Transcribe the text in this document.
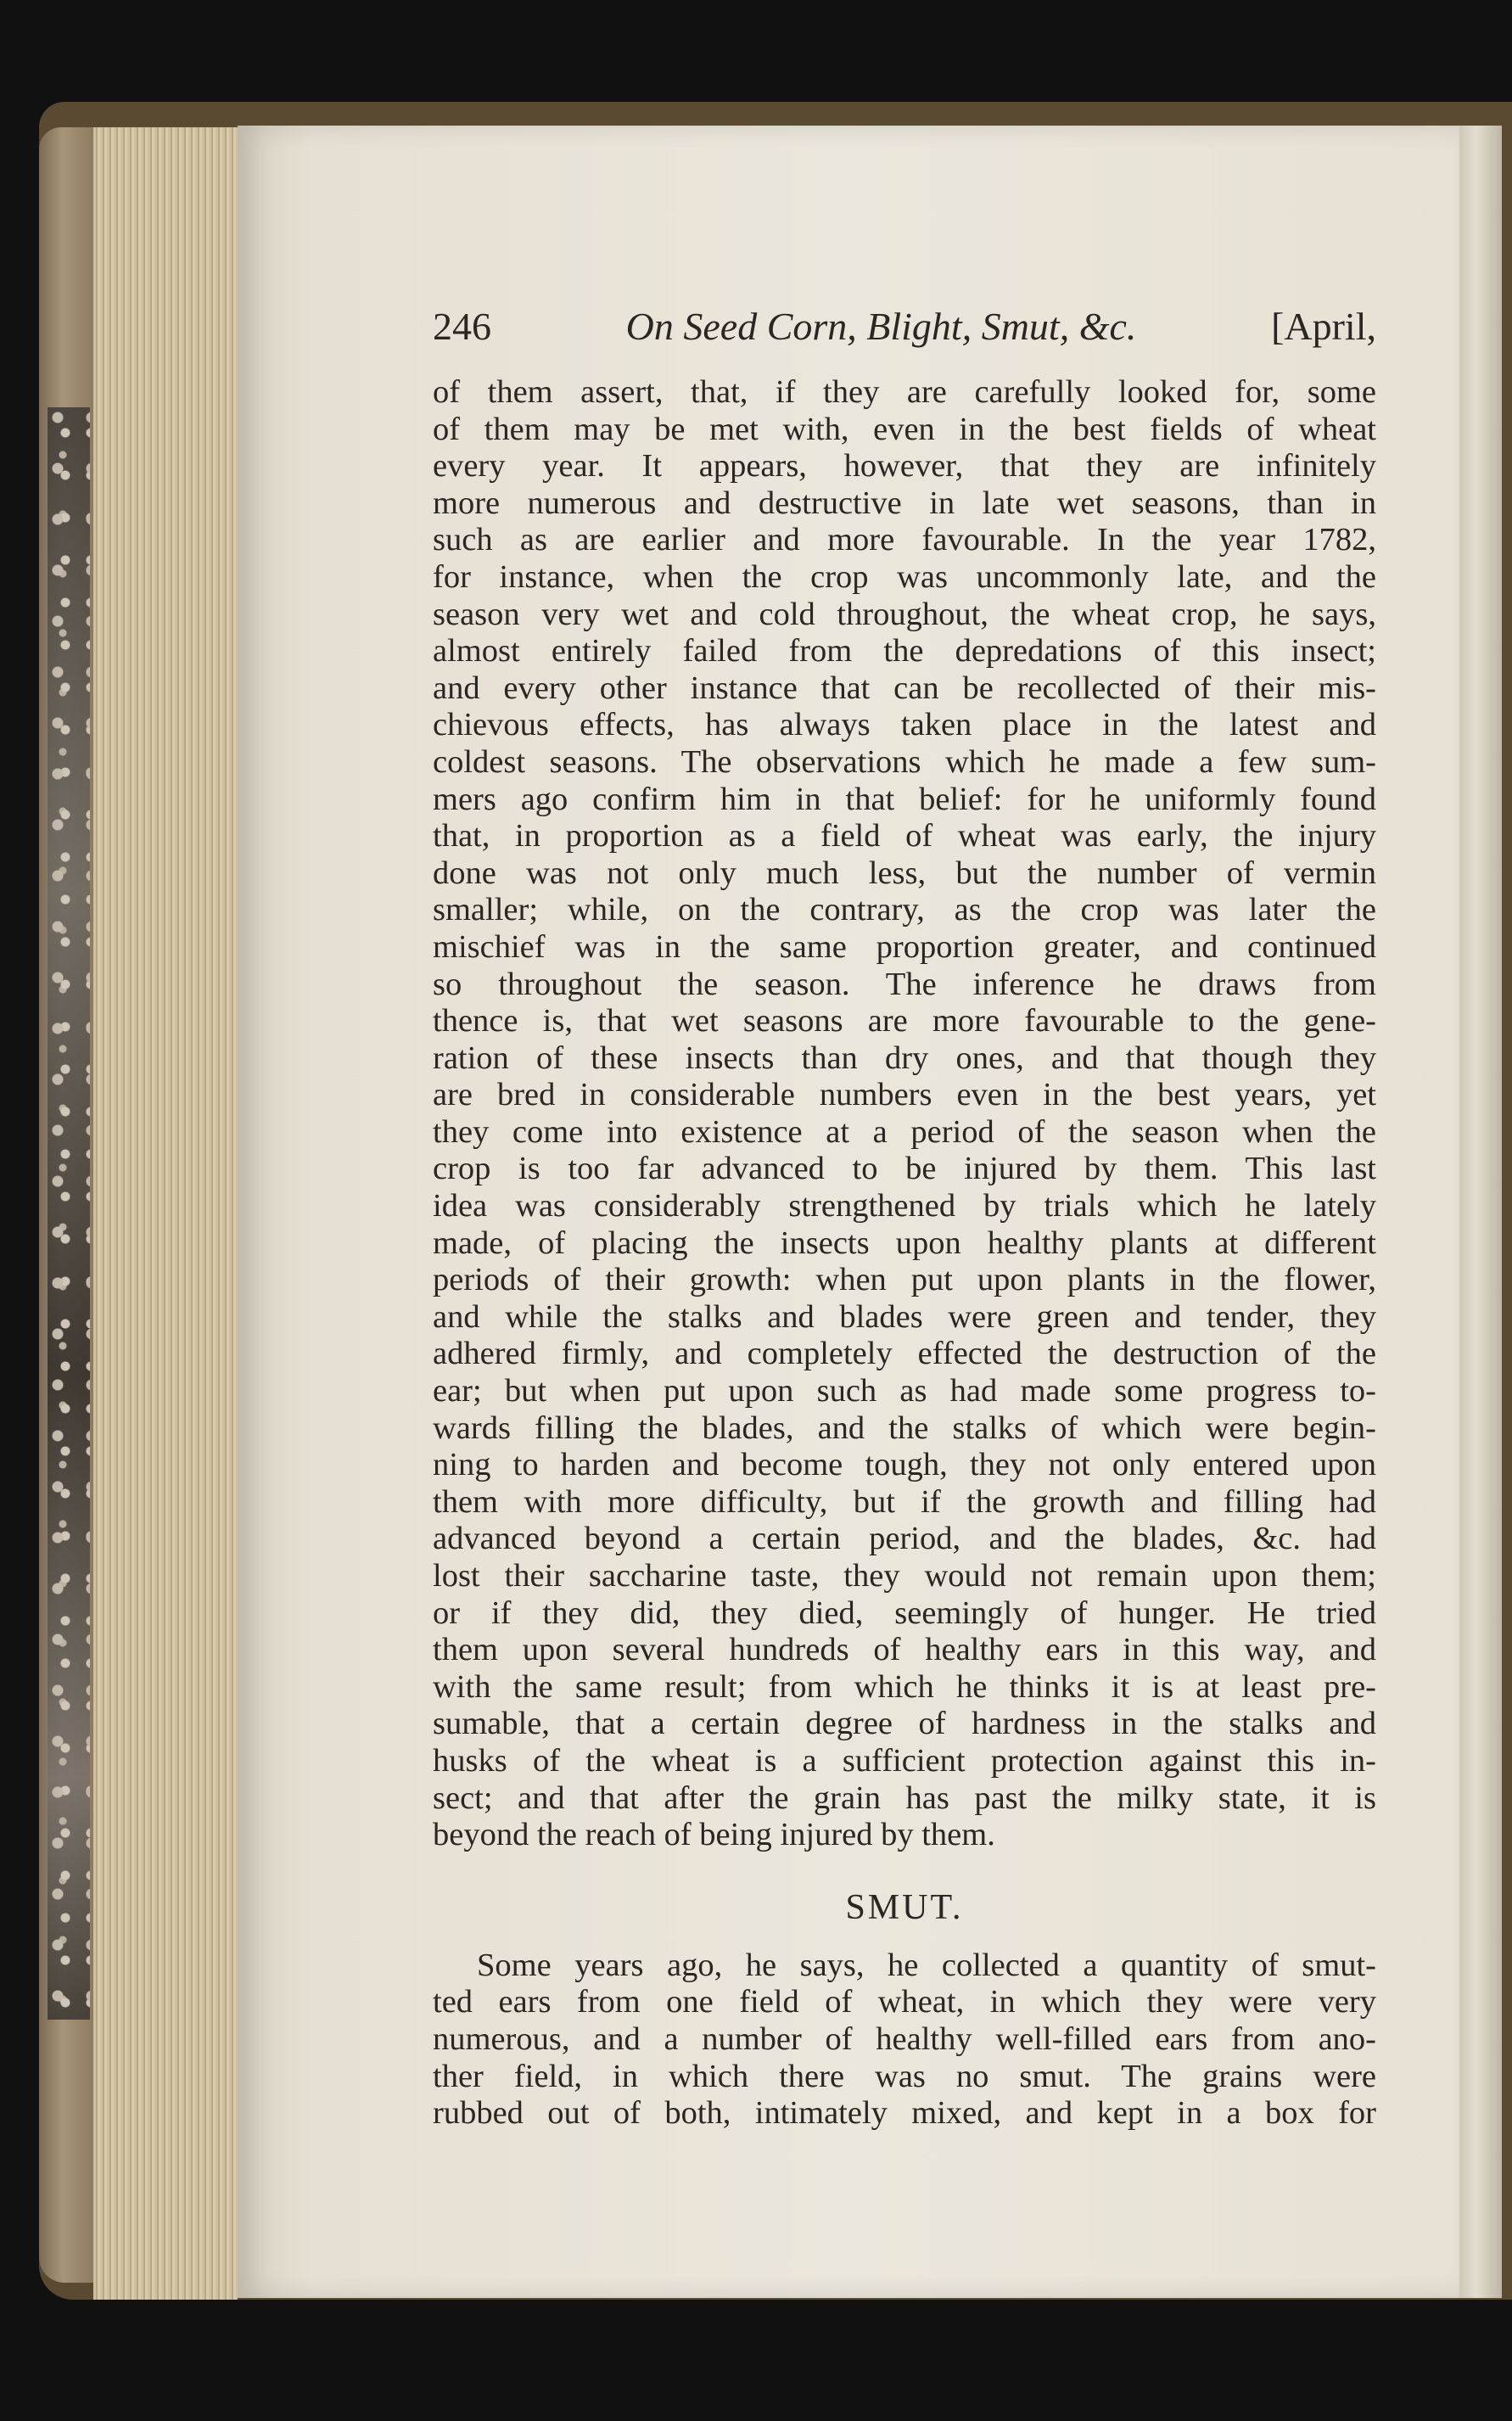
246	On Seed Corn, Blight, Smut, &c.	[April,

of them assert, that, if they are carefully looked for, some

of them may be met with, even in the best fields of wheat

every year. It appears, however, that they are infinitely

more numerous and destructive in late wet seasons, than in

such as are earlier and more favourable. In the year 1782,

for instance, when the crop was uncommonly late, and the

season very wet and cold throughout, the wheat crop, he says,

almost entirely failed from the depredations of this insect;

and every other instance that can be recollected of their mis-

chievous effects, has always taken place in the latest and

coldest seasons. The observations which he made a few sum-

mers ago confirm him in that belief: for he uniformly found

that, in proportion as a field of wheat was early, the injury

done was not only much less, but the number of vermin

smaller; while, on the contrary, as the crop was later the

mischief was in the same proportion greater, and continued

so throughout the season. The inference he draws from

thence is, that wet seasons are more favourable to the gene-

ration of these insects than dry ones, and that though they

are bred in considerable numbers even in the best years, yet

they come into existence at a period of the season when the

crop is too far advanced to be injured by them. This last

idea was considerably strengthened by trials which he lately

made, of placing the insects upon healthy plants at different

periods of their growth: when put upon plants in the flower,

and while the stalks and blades were green and tender, they

adhered firmly, and completely effected the destruction of the

ear; but when put upon such as had made some progress to-

wards filling the blades, and the stalks of which were begin-

ning to harden and become tough, they not only entered upon

them with more difficulty, but if the growth and filling had

advanced beyond a certain period, and the blades, &c. had

lost their saccharine taste, they would not remain upon them;

or if they did, they died, seemingly of hunger. He tried

them upon several hundreds of healthy ears in this way, and

with the same result; from which he thinks it is at least pre-

sumable, that a certain degree of hardness in the stalks and

husks of the wheat is a sufficient protection against this in-

sect; and that after the grain has past the milky state, it is

beyond the reach of being injured by them.

SMUT.

Some years ago, he says, he collected a quantity of smut-

ted ears from one field of wheat, in which they were very

numerous, and a number of healthy well-filled ears from ano-

ther field, in which there was no smut. The grains were

rubbed out of both, intimately mixed, and kept in a box for
